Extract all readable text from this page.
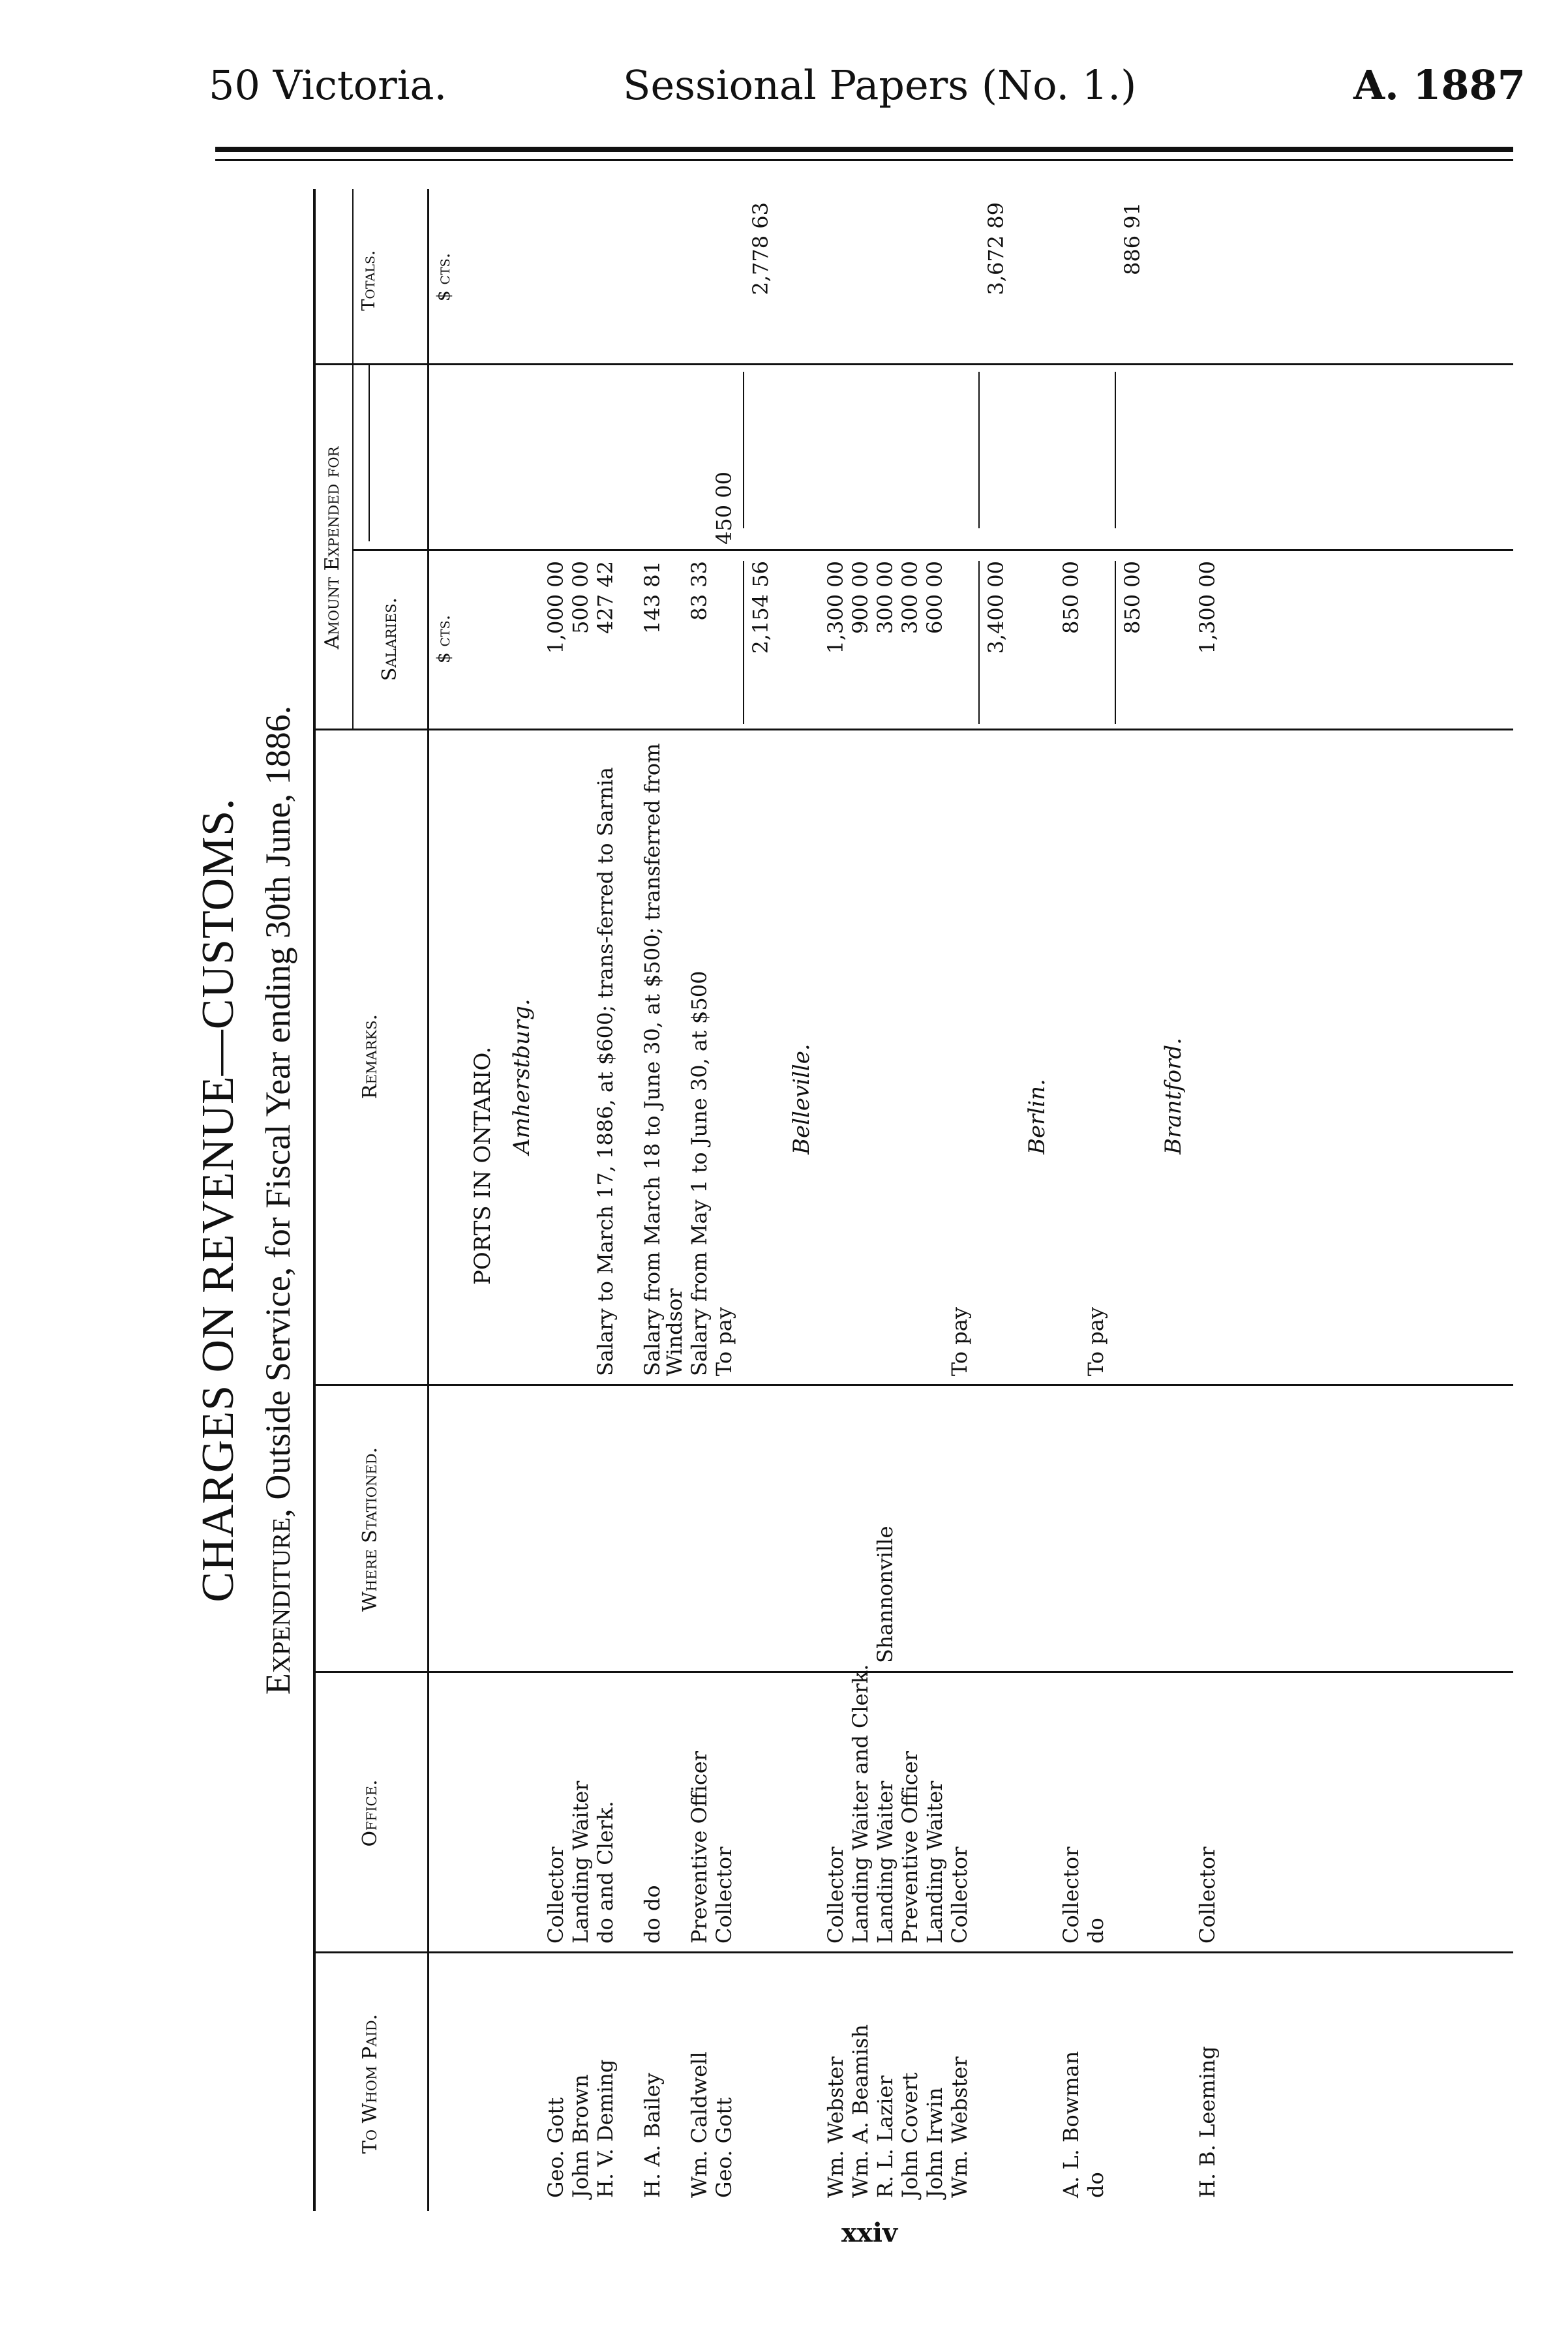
50 Victoria.	Sessional Papers (No. 1.)	A. 1887
CHARGES ON REVENUE—CUSTOMS. Expenditure, Outside Service, for Fiscal Year ending 30th June, 1886.
To Whom Paid.
Office.
Where Stationed.
Remarks.
Amount Expended for Salaries.
Totals.
PORTS IN ONTARIO. Amherstburg.
Geo. Gott
Collector
1,000 00
John Brown
Landing Waiter
500 00
H. V. Deming
do and Clerk.
Salary to March 17, 1886, at $600; trans-ferred to Sarnia
427 42
H. A. Bailey
do do
Salary from March 18 to June 30, at $500; transferred from Windsor
143 81
Wm. Caldwell
Preventive Officer
Salary from May 1 to June 30, at $500
83 33
Geo. Gott
Collector
To pay
450 00
2,154 56
2,778 63
Belleville.
Wm. Webster
Collector
1,300 00
Wm. A. Beamish
Landing Waiter and Clerk.
900 00
R. L. Lazier
Landing Waiter
Shannonville
300 00
John Covert
Preventive Officer
300 00
John Irwin
Landing Waiter
600 00
Wm. Webster
Collector
To pay
3,400 00
3,672 89
Berlin.
A. L. Bowman
Collector
850 00
do
do
To pay
850 00
886 91
Brantford.
H. B. Leeming
Collector
1,300 00
$ cts.
$ cts.
xxiv
